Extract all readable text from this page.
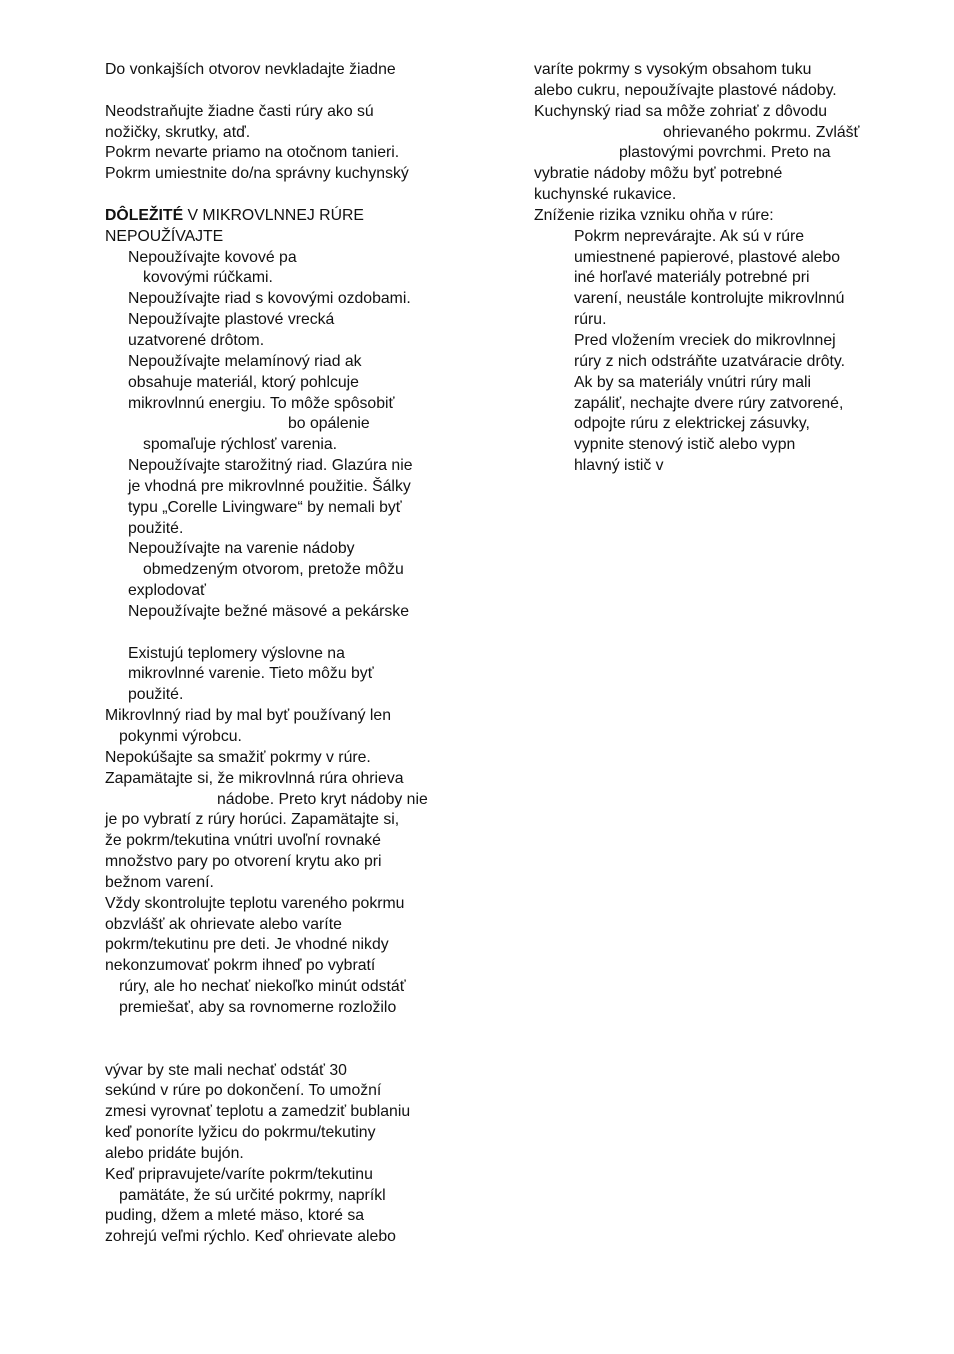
Do vonkajších otvorov nevkladajte žiadne
Neodstraňujte žiadne časti rúry ako sú
nožičky, skrutky, atď.
Pokrm nevarte priamo na otočnom tanieri.
Pokrm umiestnite do/na správny kuchynský
DÔLEŽITÉ V MIKROVLNNEJ RÚRE
NEPOUŽÍVAJTE
Nepoužívajte kovové pa
kovovými rúčkami.
Nepoužívajte riad s kovovými ozdobami.
Nepoužívajte plastové vrecká
uzatvorené drôtom.
Nepoužívajte melamínový riad ak
obsahuje materiál, ktorý pohlcuje
mikrovlnnú energiu. To môže spôsobiť
bo opálenie
spomaľuje rýchlosť varenia.
Nepoužívajte starožitný riad. Glazúra nie
je vhodná pre mikrovlnné použitie. Šálky
typu „Corelle Livingware“ by nemali byť
použité.
Nepoužívajte na varenie nádoby
obmedzeným otvorom, pretože môžu
explodovať
Nepoužívajte bežné mäsové a pekárske
Existujú teplomery výslovne na
mikrovlnné varenie. Tieto môžu byť
použité.
Mikrovlnný riad by mal byť používaný len
pokynmi výrobcu.
Nepokúšajte sa smažiť pokrmy v rúre.
Zapamätajte si, že mikrovlnná rúra ohrieva
nádobe. Preto kryt nádoby nie
je po vybratí z rúry horúci. Zapamätajte si,
že pokrm/tekutina vnútri uvoľní rovnaké
množstvo pary po otvorení krytu ako pri
bežnom varení.
Vždy skontrolujte teplotu vareného pokrmu
obzvlášť ak ohrievate alebo varíte
pokrm/tekutinu pre deti. Je vhodné nikdy
nekonzumovať pokrm ihneď po vybratí
rúry, ale ho nechať niekoľko minút odstáť
premiešať, aby sa rovnomerne rozložilo
vývar by ste mali nechať odstáť 30
sekúnd v rúre po dokončení. To umožní
zmesi vyrovnať teplotu a zamedziť bublaniu
keď ponoríte lyžicu do pokrmu/tekutiny
alebo pridáte bujón.
Keď pripravujete/varíte pokrm/tekutinu
pamätáte, že sú určité pokrmy, napríkl
puding, džem a mleté mäso, ktoré sa
zohrejú veľmi rýchlo. Keď ohrievate alebo
varíte pokrmy s vysokým obsahom tuku
alebo cukru, nepoužívajte plastové nádoby.
Kuchynský riad sa môže zohriať z dôvodu
ohrievaného pokrmu. Zvlášť
plastovými povrchmi. Preto na
vybratie nádoby môžu byť potrebné
kuchynské rukavice.
Zníženie rizika vzniku ohňa v rúre:
Pokrm neprevárajte. Ak sú v rúre
umiestnené papierové, plastové alebo
iné horľavé materiály potrebné pri
varení, neustále kontrolujte mikrovlnnú
rúru.
Pred vložením vreciek do mikrovlnnej
rúry z nich odstráňte uzatváracie drôty.
Ak by sa materiály vnútri rúry mali
zapáliť, nechajte dvere rúry zatvorené,
odpojte rúru z elektrickej zásuvky,
vypnite stenový istič alebo vypn
hlavný istič v
